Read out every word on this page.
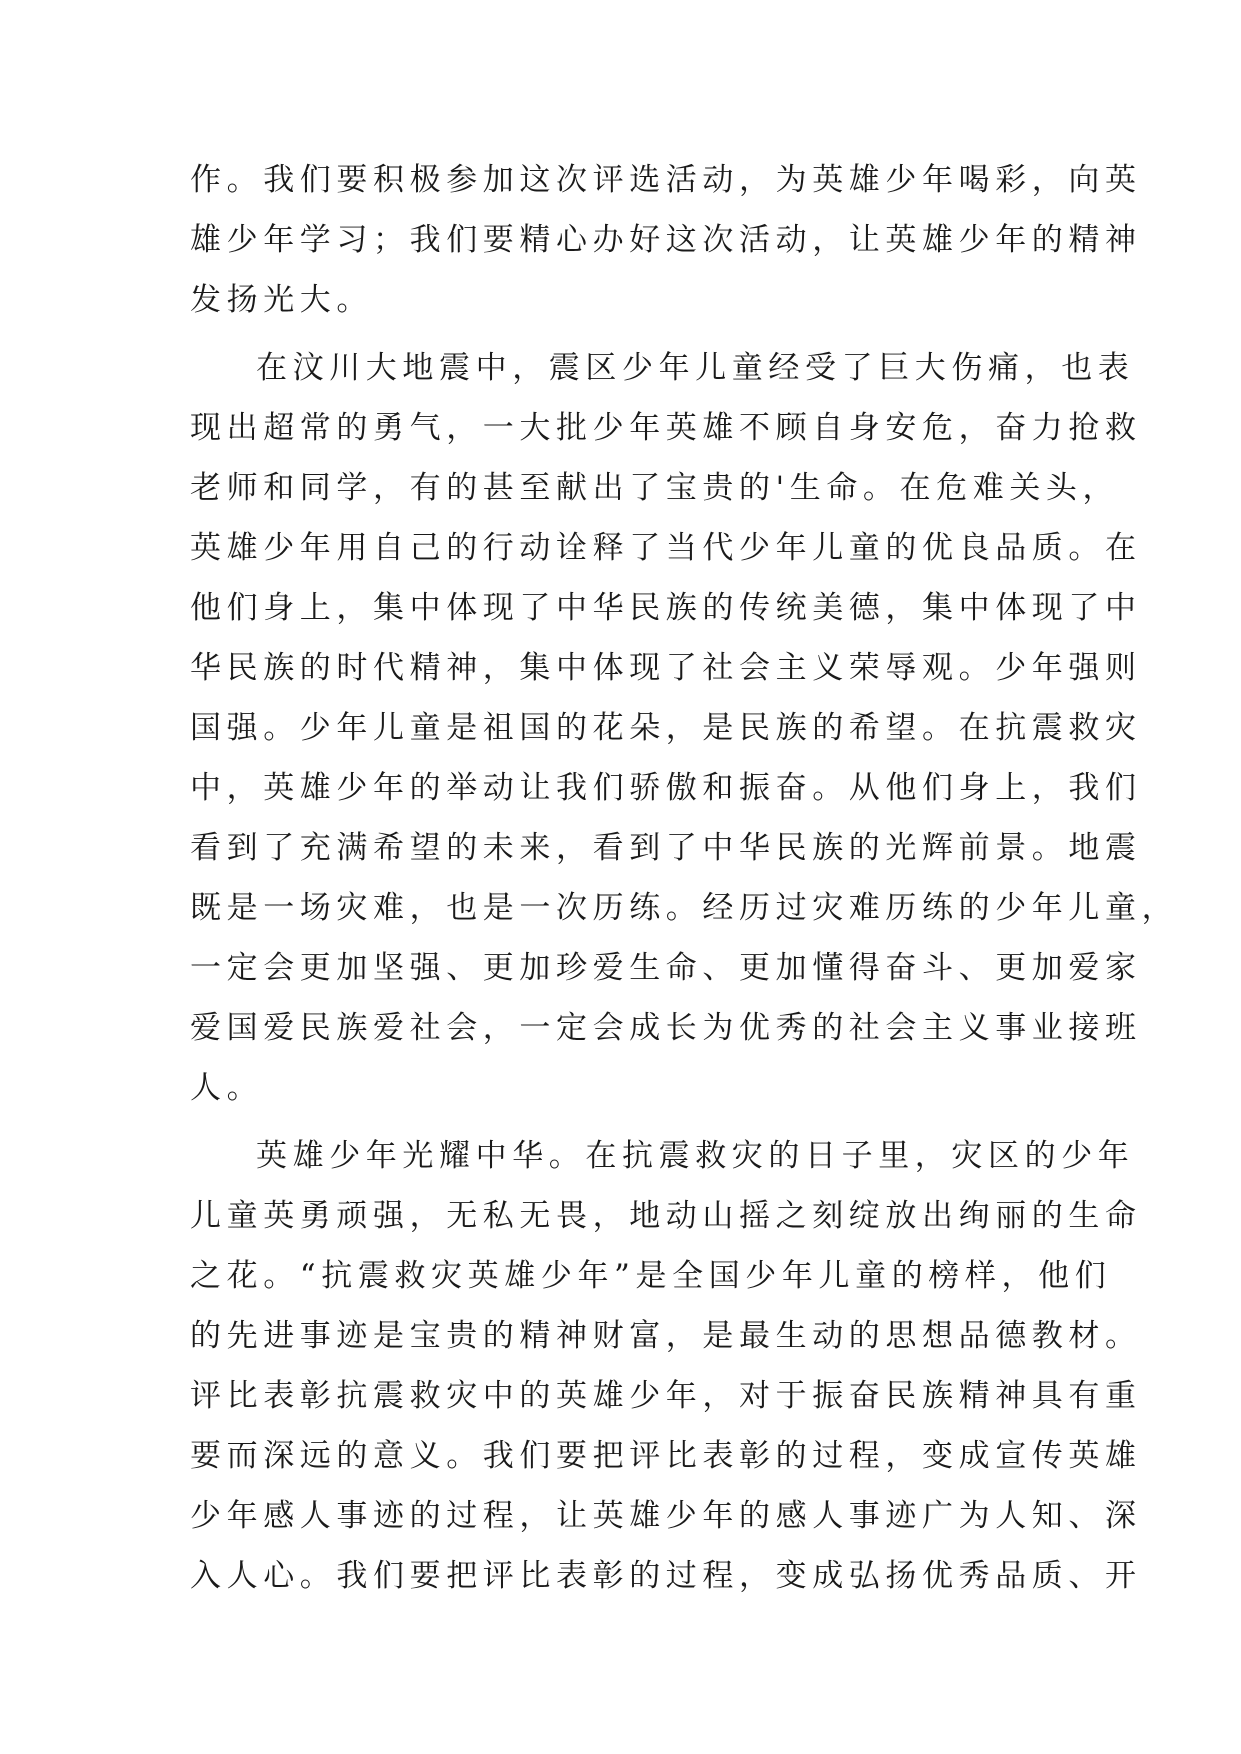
作。我们要积极参加这次评选活动，为英雄少年喝彩，向英
雄少年学习；我们要精心办好这次活动，让英雄少年的精神
发扬光大。
在汶川大地震中，震区少年儿童经受了巨大伤痛，也表
现出超常的勇气，一大批少年英雄不顾自身安危，奋力抢救
老师和同学，有的甚至献出了宝贵的'生命。在危难关头，
英雄少年用自己的行动诠释了当代少年儿童的优良品质。在
他们身上，集中体现了中华民族的传统美德，集中体现了中
华民族的时代精神，集中体现了社会主义荣辱观。少年强则
国强。少年儿童是祖国的花朵，是民族的希望。在抗震救灾
中，英雄少年的举动让我们骄傲和振奋。从他们身上，我们
看到了充满希望的未来，看到了中华民族的光辉前景。地震
既是一场灾难，也是一次历练。经历过灾难历练的少年儿童，
一定会更加坚强、更加珍爱生命、更加懂得奋斗、更加爱家
爱国爱民族爱社会，一定会成长为优秀的社会主义事业接班
人。
英雄少年光耀中华。在抗震救灾的日子里，灾区的少年
儿童英勇顽强，无私无畏，地动山摇之刻绽放出绚丽的生命
之花。“抗震救灾英雄少年”是全国少年儿童的榜样，他们
的先进事迹是宝贵的精神财富，是最生动的思想品德教材。
评比表彰抗震救灾中的英雄少年，对于振奋民族精神具有重
要而深远的意义。我们要把评比表彰的过程，变成宣传英雄
少年感人事迹的过程，让英雄少年的感人事迹广为人知、深
入人心。我们要把评比表彰的过程，变成弘扬优秀品质、开
